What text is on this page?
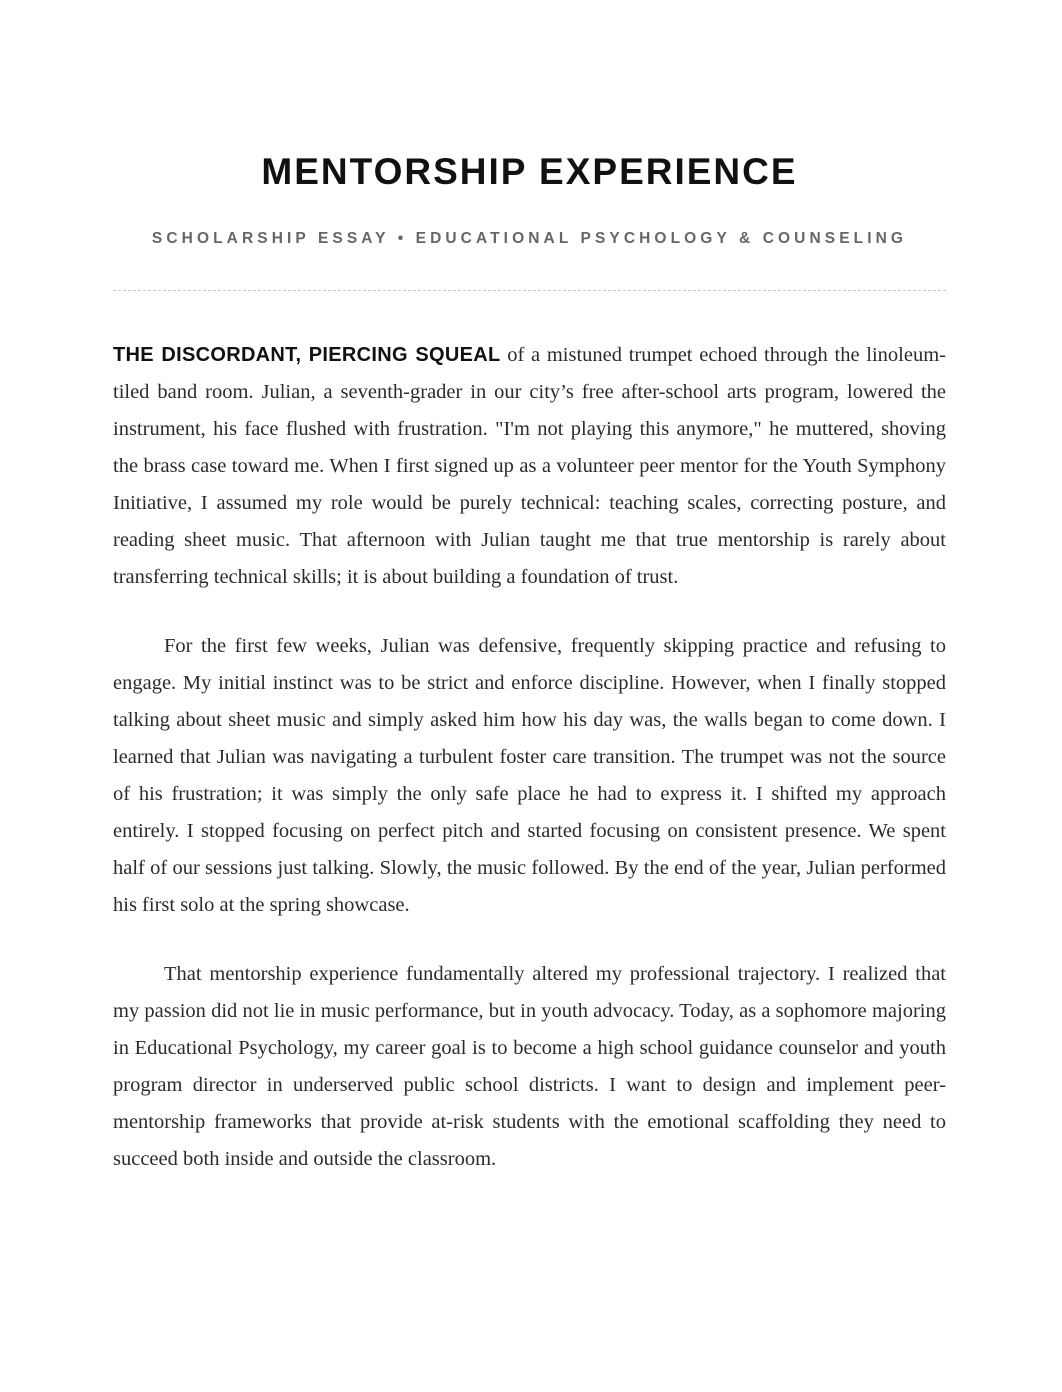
MENTORSHIP EXPERIENCE
SCHOLARSHIP ESSAY • EDUCATIONAL PSYCHOLOGY & COUNSELING

THE DISCORDANT, PIERCING SQUEAL of a mistuned trumpet echoed through the linoleum-tiled band room. Julian, a seventh-grader in our city’s free after-school arts program, lowered the instrument, his face flushed with frustration. "I'm not playing this anymore," he muttered, shoving the brass case toward me. When I first signed up as a volunteer peer mentor for the Youth Symphony Initiative, I assumed my role would be purely technical: teaching scales, correcting posture, and reading sheet music. That afternoon with Julian taught me that true mentorship is rarely about transferring technical skills; it is about building a foundation of trust.

For the first few weeks, Julian was defensive, frequently skipping practice and refusing to engage. My initial instinct was to be strict and enforce discipline. However, when I finally stopped talking about sheet music and simply asked him how his day was, the walls began to come down. I learned that Julian was navigating a turbulent foster care transition. The trumpet was not the source of his frustration; it was simply the only safe place he had to express it. I shifted my approach entirely. I stopped focusing on perfect pitch and started focusing on consistent presence. We spent half of our sessions just talking. Slowly, the music followed. By the end of the year, Julian performed his first solo at the spring showcase.

That mentorship experience fundamentally altered my professional trajectory. I realized that my passion did not lie in music performance, but in youth advocacy. Today, as a sophomore majoring in Educational Psychology, my career goal is to become a high school guidance counselor and youth program director in underserved public school districts. I want to design and implement peer-mentorship frameworks that provide at-risk students with the emotional scaffolding they need to succeed both inside and outside the classroom.
